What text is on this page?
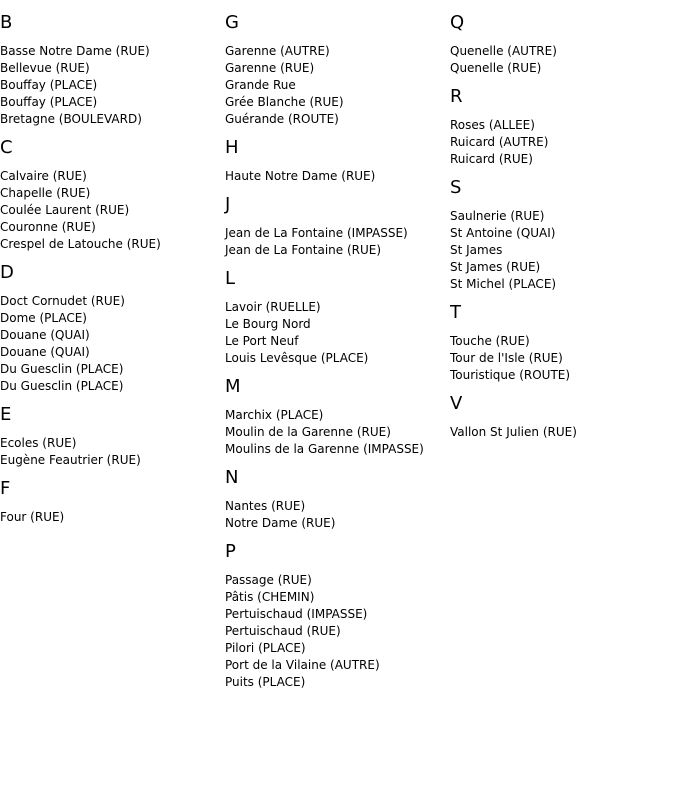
B
Basse Notre Dame (RUE)
Bellevue (RUE)
Bouffay (PLACE)
Bouffay (PLACE)
Bretagne (BOULEVARD)
C
Calvaire (RUE)
Chapelle (RUE)
Coulée Laurent (RUE)
Couronne (RUE)
Crespel de Latouche (RUE)
D
Doct Cornudet (RUE)
Dome (PLACE)
Douane (QUAI)
Douane (QUAI)
Du Guesclin (PLACE)
Du Guesclin (PLACE)
E
Ecoles (RUE)
Eugène Feautrier (RUE)
F
Four (RUE)
G
Garenne (AUTRE)
Garenne (RUE)
Grande Rue
Grée Blanche (RUE)
Guérande (ROUTE)
H
Haute Notre Dame (RUE)
J
Jean de La Fontaine (IMPASSE)
Jean de La Fontaine (RUE)
L
Lavoir (RUELLE)
Le Bourg Nord
Le Port Neuf
Louis Levêsque (PLACE)
M
Marchix (PLACE)
Moulin de la Garenne (RUE)
Moulins de la Garenne (IMPASSE)
N
Nantes (RUE)
Notre Dame (RUE)
P
Passage (RUE)
Pâtis (CHEMIN)
Pertuischaud (IMPASSE)
Pertuischaud (RUE)
Pilori (PLACE)
Port de la Vilaine (AUTRE)
Puits (PLACE)
Q
Quenelle (AUTRE)
Quenelle (RUE)
R
Roses (ALLEE)
Ruicard (AUTRE)
Ruicard (RUE)
S
Saulnerie (RUE)
St Antoine (QUAI)
St James
St James (RUE)
St Michel (PLACE)
T
Touche (RUE)
Tour de l'Isle (RUE)
Touristique (ROUTE)
V
Vallon St Julien (RUE)
